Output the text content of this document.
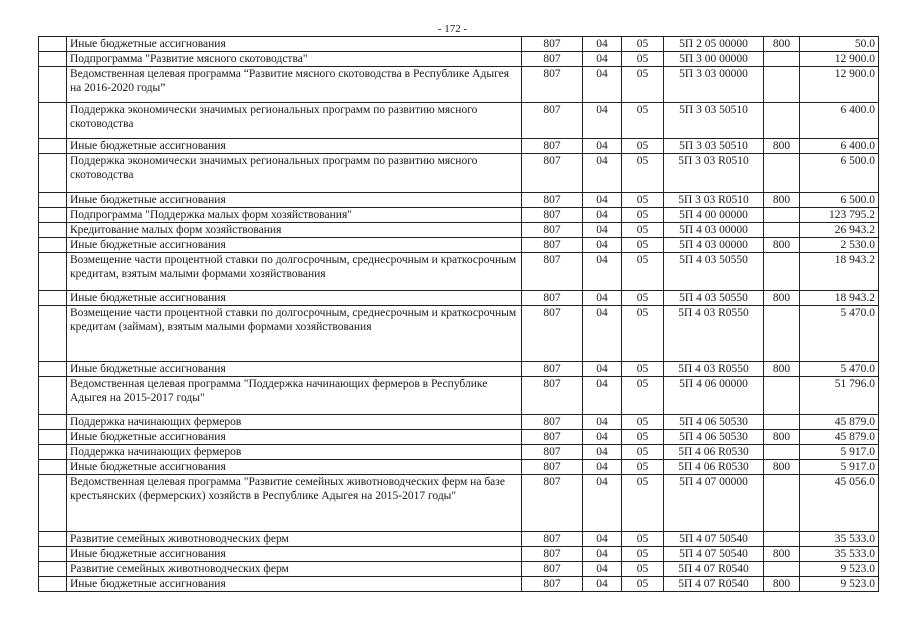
- 172 -
	Иные бюджетные ассигнования	807	04	05	5П 2 05 00000	800	50.0
	Подпрограмма "Развитие мясного скотоводства"	807	04	05	5П 3 00 00000		12 900.0
	Ведомственная целевая программа “Развитие мясного скотоводства в Республике Адыгея на 2016-2020 годы”	807	04	05	5П 3 03 00000		12 900.0
	Поддержка экономически значимых региональных программ по развитию мясного скотоводства	807	04	05	5П 3 03 50510		6 400.0
	Иные бюджетные ассигнования	807	04	05	5П 3 03 50510	800	6 400.0
	Поддержка экономически значимых региональных программ по развитию мясного скотоводства	807	04	05	5П 3 03 R0510		6 500.0
	Иные бюджетные ассигнования	807	04	05	5П 3 03 R0510	800	6 500.0
	Подпрограмма "Поддержка малых форм хозяйствования"	807	04	05	5П 4 00 00000		123 795.2
	Кредитование малых форм хозяйствования	807	04	05	5П 4 03 00000		26 943.2
	Иные бюджетные ассигнования	807	04	05	5П 4 03 00000	800	2 530.0
	Возмещение части процентной ставки по долгосрочным, среднесрочным и краткосрочным кредитам, взятым малыми формами хозяйствования	807	04	05	5П 4 03 50550		18 943.2
	Иные бюджетные ассигнования	807	04	05	5П 4 03 50550	800	18 943.2
	Возмещение части процентной ставки по долгосрочным, среднесрочным и краткосрочным кредитам (займам), взятым малыми формами хозяйствования	807	04	05	5П 4 03 R0550		5 470.0
	Иные бюджетные ассигнования	807	04	05	5П 4 03 R0550	800	5 470.0
	Ведомственная целевая программа "Поддержка начинающих фермеров в Республике Адыгея на 2015-2017 годы"	807	04	05	5П 4 06 00000		51 796.0
	Поддержка начинающих фермеров	807	04	05	5П 4 06 50530		45 879.0
	Иные бюджетные ассигнования	807	04	05	5П 4 06 50530	800	45 879.0
	Поддержка начинающих фермеров	807	04	05	5П 4 06 R0530		5 917.0
	Иные бюджетные ассигнования	807	04	05	5П 4 06 R0530	800	5 917.0
	Ведомственная целевая программа "Развитие семейных животноводческих ферм на базе крестьянских (фермерских) хозяйств в Республике Адыгея на 2015-2017 годы"	807	04	05	5П 4 07 00000		45 056.0
	Развитие семейных животноводческих ферм	807	04	05	5П 4 07 50540		35 533.0
	Иные бюджетные ассигнования	807	04	05	5П 4 07 50540	800	35 533.0
	Развитие семейных животноводческих ферм	807	04	05	5П 4 07 R0540		9 523.0
	Иные бюджетные ассигнования	807	04	05	5П 4 07 R0540	800	9 523.0
